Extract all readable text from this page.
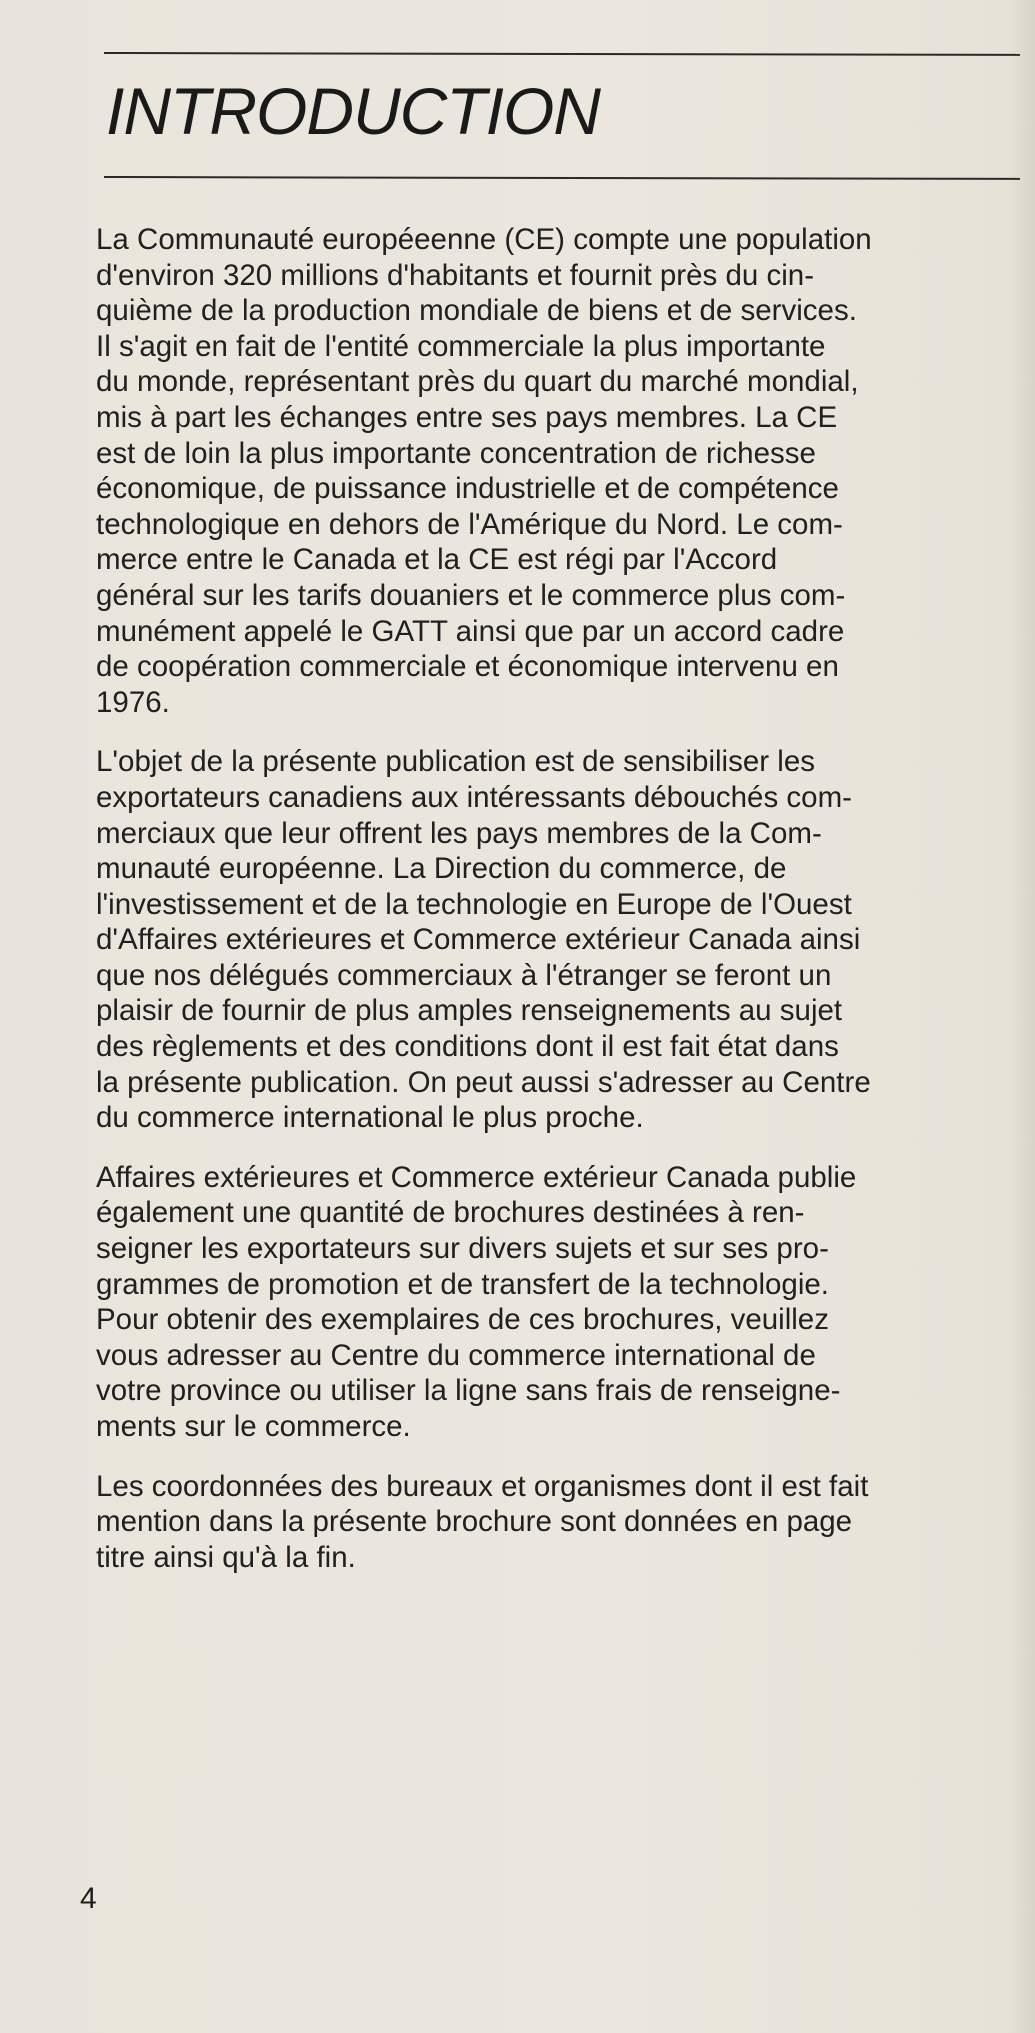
INTRODUCTION

La Communauté européeenne (CE) compte une population
d'environ 320 millions d'habitants et fournit près du cin-
quième de la production mondiale de biens et de services.
Il s'agit en fait de l'entité commerciale la plus importante
du monde, représentant près du quart du marché mondial,
mis à part les échanges entre ses pays membres. La CE
est de loin la plus importante concentration de richesse
économique, de puissance industrielle et de compétence
technologique en dehors de l'Amérique du Nord. Le com-
merce entre le Canada et la CE est régi par l'Accord
général sur les tarifs douaniers et le commerce plus com-
munément appelé le GATT ainsi que par un accord cadre
de coopération commerciale et économique intervenu en
1976.

L'objet de la présente publication est de sensibiliser les
exportateurs canadiens aux intéressants débouchés com-
merciaux que leur offrent les pays membres de la Com-
munauté européenne. La Direction du commerce, de
l'investissement et de la technologie en Europe de l'Ouest
d'Affaires extérieures et Commerce extérieur Canada ainsi
que nos délégués commerciaux à l'étranger se feront un
plaisir de fournir de plus amples renseignements au sujet
des règlements et des conditions dont il est fait état dans
la présente publication. On peut aussi s'adresser au Centre
du commerce international le plus proche.

Affaires extérieures et Commerce extérieur Canada publie
également une quantité de brochures destinées à ren-
seigner les exportateurs sur divers sujets et sur ses pro-
grammes de promotion et de transfert de la technologie.
Pour obtenir des exemplaires de ces brochures, veuillez
vous adresser au Centre du commerce international de
votre province ou utiliser la ligne sans frais de renseigne-
ments sur le commerce.

Les coordonnées des bureaux et organismes dont il est fait
mention dans la présente brochure sont données en page
titre ainsi qu'à la fin.

4
